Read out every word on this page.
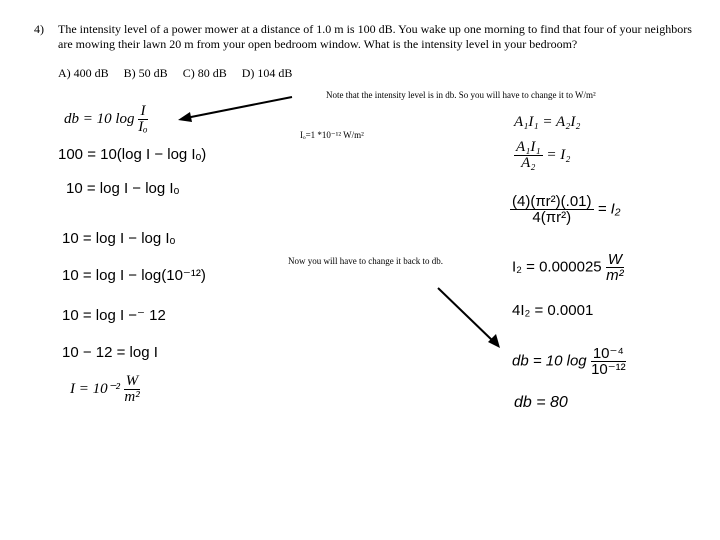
4) The intensity level of a power mower at a distance of 1.0 m is 100 dB. You wake up one morning to find that four of your neighbors are mowing their lawn 20 m from your open bedroom window. What is the intensity level in your bedroom?
A) 400 dB B) 50 dB C) 80 dB D) 104 dB
Note that the intensity level is in db. So you will have to change it to W/m²
Iₒ=1 *10⁻¹² W/m²
Now you will have to change it back to db.
db = 10 $\log \frac{I}{\text{Iₒ}}$
100 = 10(log I − log Iₒ)
10 = log I − log Iₒ
10 = log I − log Iₒ
10 = log I − log(10⁻¹²)
10 = log I −⁻ 12
10 − 12 = log I
$I = 10^{-2} \frac{W}{\text{m²}}$
A₁I₁ = A₂I₂
$\frac{\text{A₁I₁}}{\text{A₂}} = I_2$
$\frac{\text{(4)(πr²)(.01)}}{\text{4(πr²)}} = I_2$
$I_2 = 0.000025 \frac{W}{\text{m²}}$
4I₂ = 0.0001
db = 10 $\log \frac{\text{10⁻⁴}}{\text{10⁻¹²}}$
db = 80
